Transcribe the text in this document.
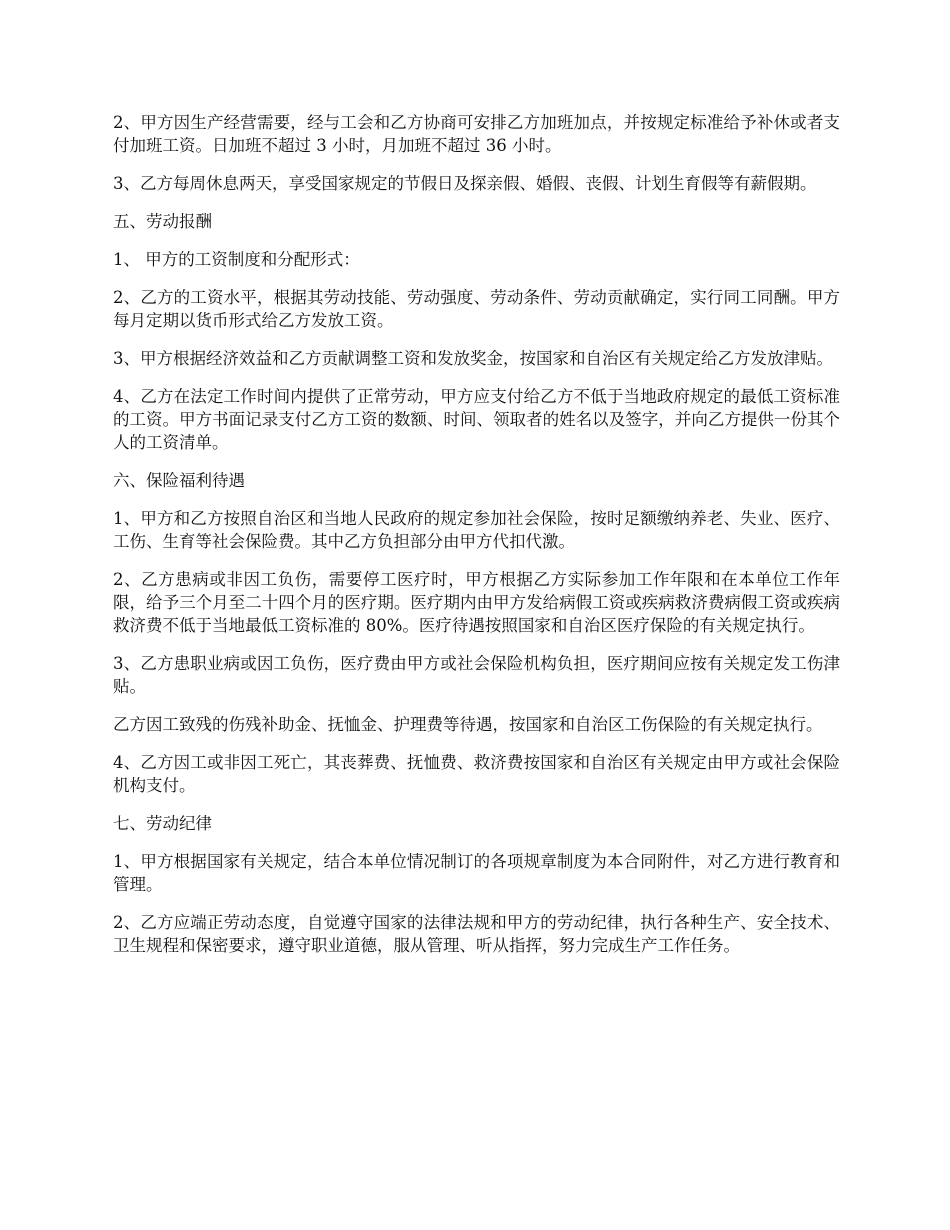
2、甲方因生产经营需要，经与工会和乙方协商可安排乙方加班加点，并按规定标准给予补休或者支付加班工资。日加班不超过 3 小时，月加班不超过 36 小时。

3、乙方每周休息两天，享受国家规定的节假日及探亲假、婚假、丧假、计划生育假等有薪假期。

五、劳动报酬

1、 甲方的工资制度和分配形式：

2、乙方的工资水平，根据其劳动技能、劳动强度、劳动条件、劳动贡献确定，实行同工同酬。甲方每月定期以货币形式给乙方发放工资。

3、甲方根据经济效益和乙方贡献调整工资和发放奖金，按国家和自治区有关规定给乙方发放津贴。

4、乙方在法定工作时间内提供了正常劳动，甲方应支付给乙方不低于当地政府规定的最低工资标准的工资。甲方书面记录支付乙方工资的数额、时间、领取者的姓名以及签字，并向乙方提供一份其个人的工资清单。

六、保险福利待遇

1、甲方和乙方按照自治区和当地人民政府的规定参加社会保险，按时足额缴纳养老、失业、医疗、工伤、生育等社会保险费。其中乙方负担部分由甲方代扣代激。

2、乙方患病或非因工负伤，需要停工医疗时，甲方根据乙方实际参加工作年限和在本单位工作年限，给予三个月至二十四个月的医疗期。医疗期内由甲方发给病假工资或疾病救济费病假工资或疾病救济费不低于当地最低工资标准的 80%。医疗待遇按照国家和自治区医疗保险的有关规定执行。

3、乙方患职业病或因工负伤，医疗费由甲方或社会保险机构负担，医疗期间应按有关规定发工伤津贴。

乙方因工致残的伤残补助金、抚恤金、护理费等待遇，按国家和自治区工伤保险的有关规定执行。

4、乙方因工或非因工死亡，其丧葬费、抚恤费、救济费按国家和自治区有关规定由甲方或社会保险机构支付。

七、劳动纪律

1、甲方根据国家有关规定，结合本单位情况制订的各项规章制度为本合同附件，对乙方进行教育和管理。

2、乙方应端正劳动态度，自觉遵守国家的法律法规和甲方的劳动纪律，执行各种生产、安全技术、卫生规程和保密要求，遵守职业道德，服从管理、听从指挥，努力完成生产工作任务。
